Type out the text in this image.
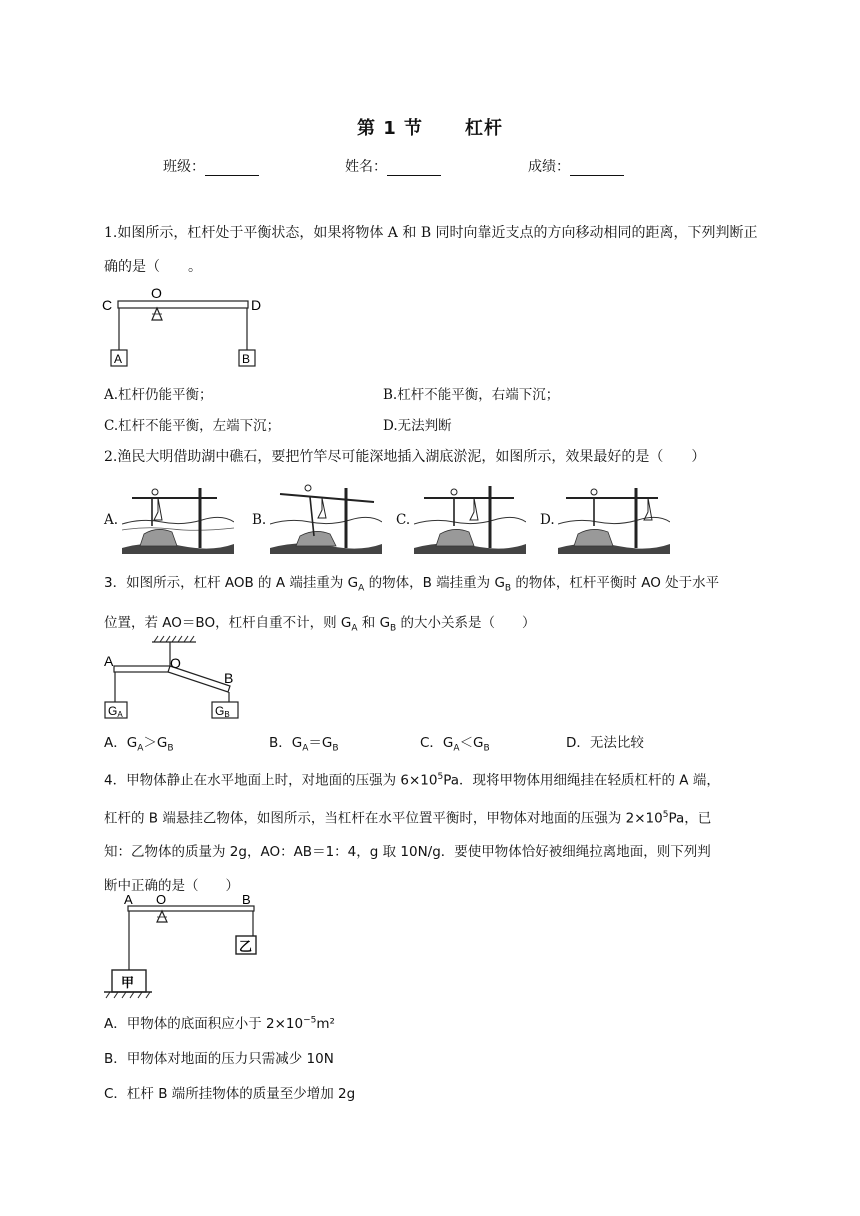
第 1 节 杠杆
班级：	姓名：	成绩：
1.如图所示，杠杆处于平衡状态，如果将物体 A 和 B 同时向靠近支点的方向移动相同的距离，下列判断正确的是（　　。
C
O
D
A	B
A.杠杆仍能平衡；	B.杠杆不能平衡，右端下沉；
C.杠杆不能平衡，左端下沉；	D.无法判断
2.渔民大明借助湖中礁石，要把竹竿尽可能深地插入湖底淤泥，如图所示，效果最好的是（　　）
A.	B.	C.	D.
3．如图所示，杠杆 AOB 的 A 端挂重为 $G_A$ 的物体，B 端挂重为 $G_B$ 的物体，杠杆平衡时 AO 处于水平
位置，若 AO＝BO，杠杆自重不计，则 $G_A$ 和 $G_B$ 的大小关系是（　　）
A	O
B
GA	GB
A．$G_A>G_B$	B．$G_A=G_B$	C．$G_A<G_B$	D．无法比较
4．甲物体静止在水平地面上时，对地面的压强为 $6\times 10^5Pa$．现将甲物体用细绳挂在轻质杠杆的 A 端，
杠杆的 B 端悬挂乙物体，如图所示，当杠杆在水平位置平衡时，甲物体对地面的压强为 $2\times 10^5Pa$，已
知：乙物体的质量为 2g，AO：AB＝1：4，g 取 10N/g．要使甲物体恰好被细绳拉离地面，则下列判
断中正确的是（　　）
A O	B
甲
乙
A．甲物体的底面积应小于 $2\times 10^{-5}m^2$
B．甲物体对地面的压力只需减少 10N
C．杠杆 B 端所挂物体的质量至少增加 2g
